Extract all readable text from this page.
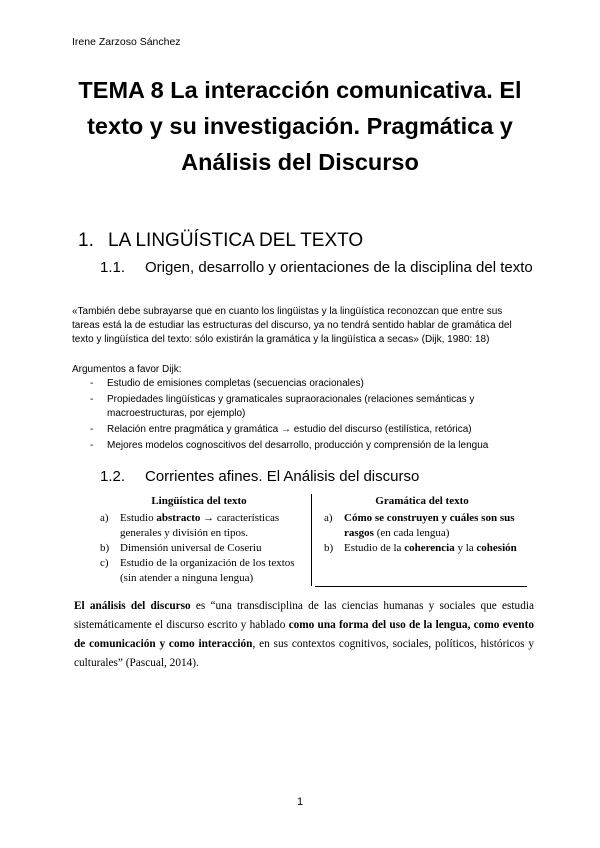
Irene Zarzoso Sánchez
TEMA 8 La interacción comunicativa. El texto y su investigación. Pragmática y Análisis del Discurso
1. LA LINGÜÍSTICA DEL TEXTO
1.1. Origen, desarrollo y orientaciones de la disciplina del texto
«También debe subrayarse que en cuanto los lingüistas y la lingüística reconozcan que entre sus tareas está la de estudiar las estructuras del discurso, ya no tendrá sentido hablar de gramática del texto y lingüística del texto: sólo existirán la gramática y la lingüística a secas» (Dijk, 1980: 18)
Argumentos a favor Dijk:
- Estudio de emisiones completas (secuencias oracionales)
- Propiedades lingüísticas y gramaticales supraoracionales (relaciones semánticas y macroestructuras, por ejemplo)
- Relación entre pragmática y gramática → estudio del discurso (estilística, retórica)
- Mejores modelos cognoscitivos del desarrollo, producción y comprensión de la lengua
1.2. Corrientes afines. El Análisis del discurso
Lingüística del texto
a) Estudio abstracto → características generales y división en tipos.
b) Dimensión universal de Coseriu
c) Estudio de la organización de los textos (sin atender a ninguna lengua)
Gramática del texto
a) Cómo se construyen y cuáles son sus rasgos (en cada lengua)
b) Estudio de la coherencia y la cohesión

El análisis del discurso es “una transdisciplina de las ciencias humanas y sociales que estudia sistemáticamente el discurso escrito y hablado como una forma del uso de la lengua, como evento de comunicación y como interacción, en sus contextos cognitivos, sociales, políticos, históricos y culturales” (Pascual, 2014).

1
